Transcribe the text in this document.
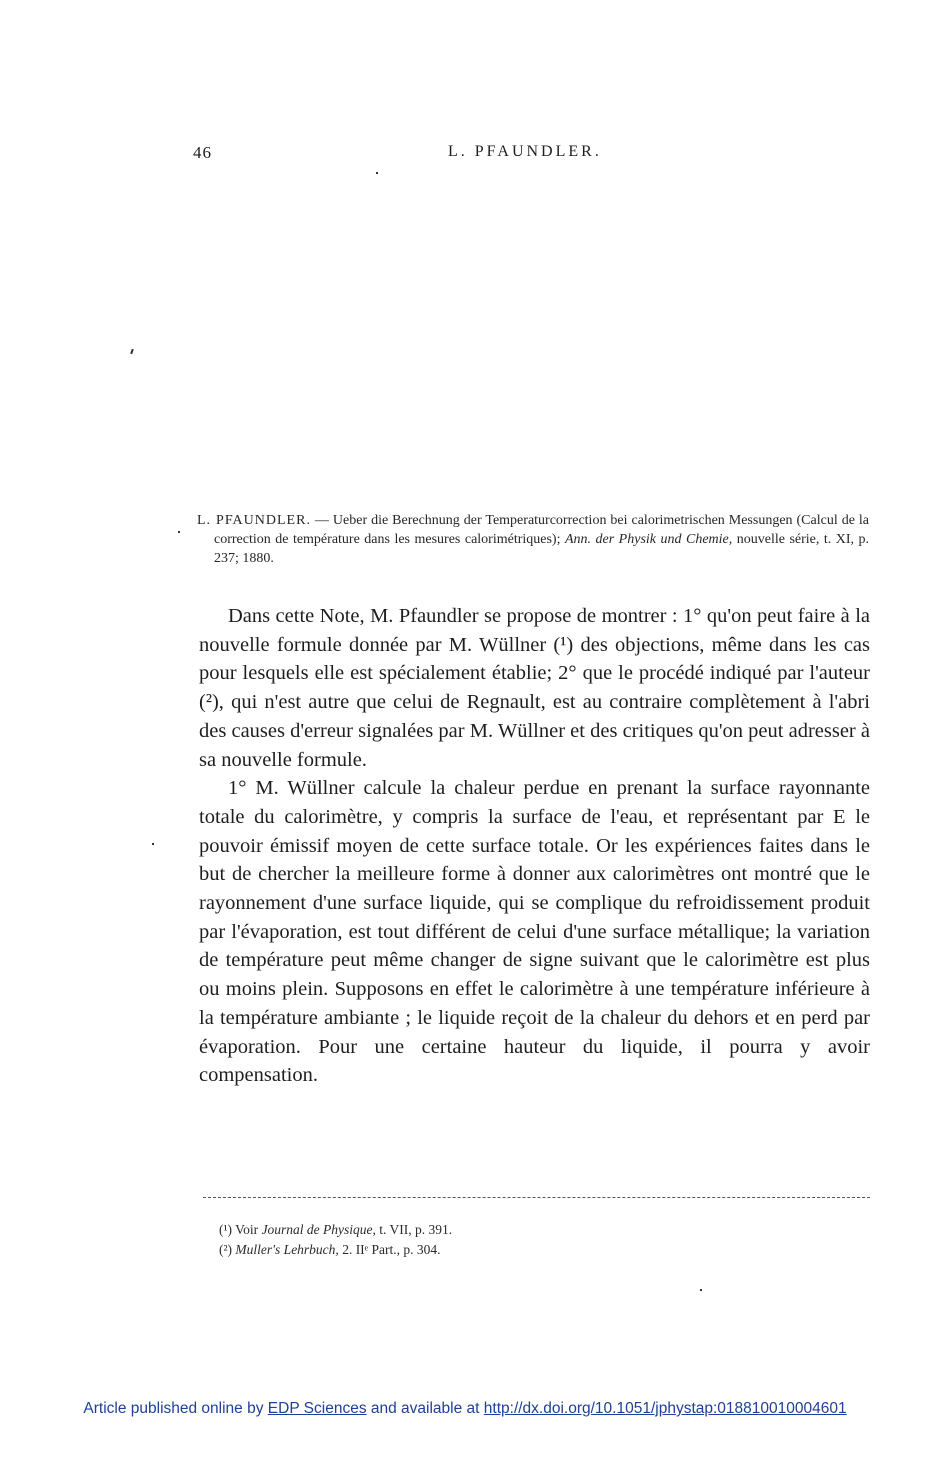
46	L. PFAUNDLER.
L. PFAUNDLER. — Ueber die Berechnung der Temperaturcorrection bei calorimetrischen Messungen (Calcul de la correction de température dans les mesures calorimétriques); Ann. der Physik und Chemie, nouvelle série, t. XI, p. 237; 1880.

Dans cette Note, M. Pfaundler se propose de montrer : 1° qu'on peut faire à la nouvelle formule donnée par M. Wüllner (¹) des objections, même dans les cas pour lesquels elle est spécialement établie; 2° que le procédé indiqué par l'auteur (²), qui n'est autre que celui de Regnault, est au contraire complètement à l'abri des causes d'erreur signalées par M. Wüllner et des critiques qu'on peut adresser à sa nouvelle formule.

1° M. Wüllner calcule la chaleur perdue en prenant la surface rayonnante totale du calorimètre, y compris la surface de l'eau, et représentant par E le pouvoir émissif moyen de cette surface totale. Or les expériences faites dans le but de chercher la meilleure forme à donner aux calorimètres ont montré que le rayonnement d'une surface liquide, qui se complique du refroidissement produit par l'évaporation, est tout différent de celui d'une surface métallique; la variation de température peut même changer de signe suivant que le calorimètre est plus ou moins plein. Supposons en effet le calorimètre à une température inférieure à la température ambiante ; le liquide reçoit de la chaleur du dehors et en perd par évaporation. Pour une certaine hauteur du liquide, il pourra y avoir compensation.

(¹) Voir Journal de Physique, t. VII, p. 391.
(²) Muller's Lehrbuch, 2. IIᵉ Part., p. 304.
Article published online by EDP Sciences and available at http://dx.doi.org/10.1051/jphystap:018810010004601
